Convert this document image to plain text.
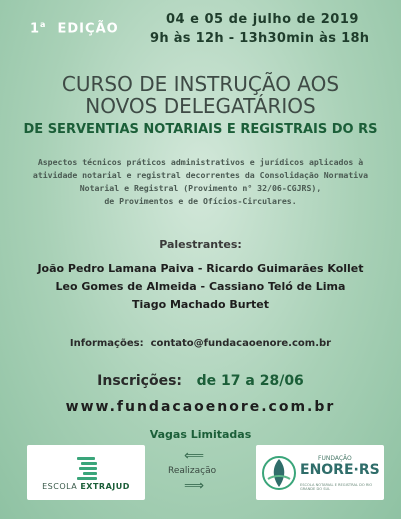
1$^a$ EDIÇÃO
04 e 05 de julho de 2019
9h às 12h - 13h30min às 18h
CURSO DE INSTRUÇÃO AOS
NOVOS DELEGATÁRIOS
DE SERVENTIAS NOTARIAIS E REGISTRAIS DO RS
Aspectos técnicos práticos administrativos e jurídicos aplicados à
atividade notarial e registral decorrentes da Consolidação Normativa
Notarial e Registral (Provimento n° 32/06-CGJRS),
de Provimentos e de Ofícios-Circulares.
Palestrantes:
João Pedro Lamana Paiva - Ricardo Guimarães Kollet
Leo Gomes de Almeida - Cassiano Teló de Lima
Tiago Machado Burtet
Informações: contato@fundacaoenore.com.br
Inscrições: de 17 a 28/06
www.fundacaoenore.com.br
Vagas Limitadas
ESCOLA EXTRAJUD
⟸
Realização
⟹
FUNDAÇÃO
ENORE·RS
ESCOLA NOTARIAL E REGISTRAL DO RIO GRANDE DO SUL
